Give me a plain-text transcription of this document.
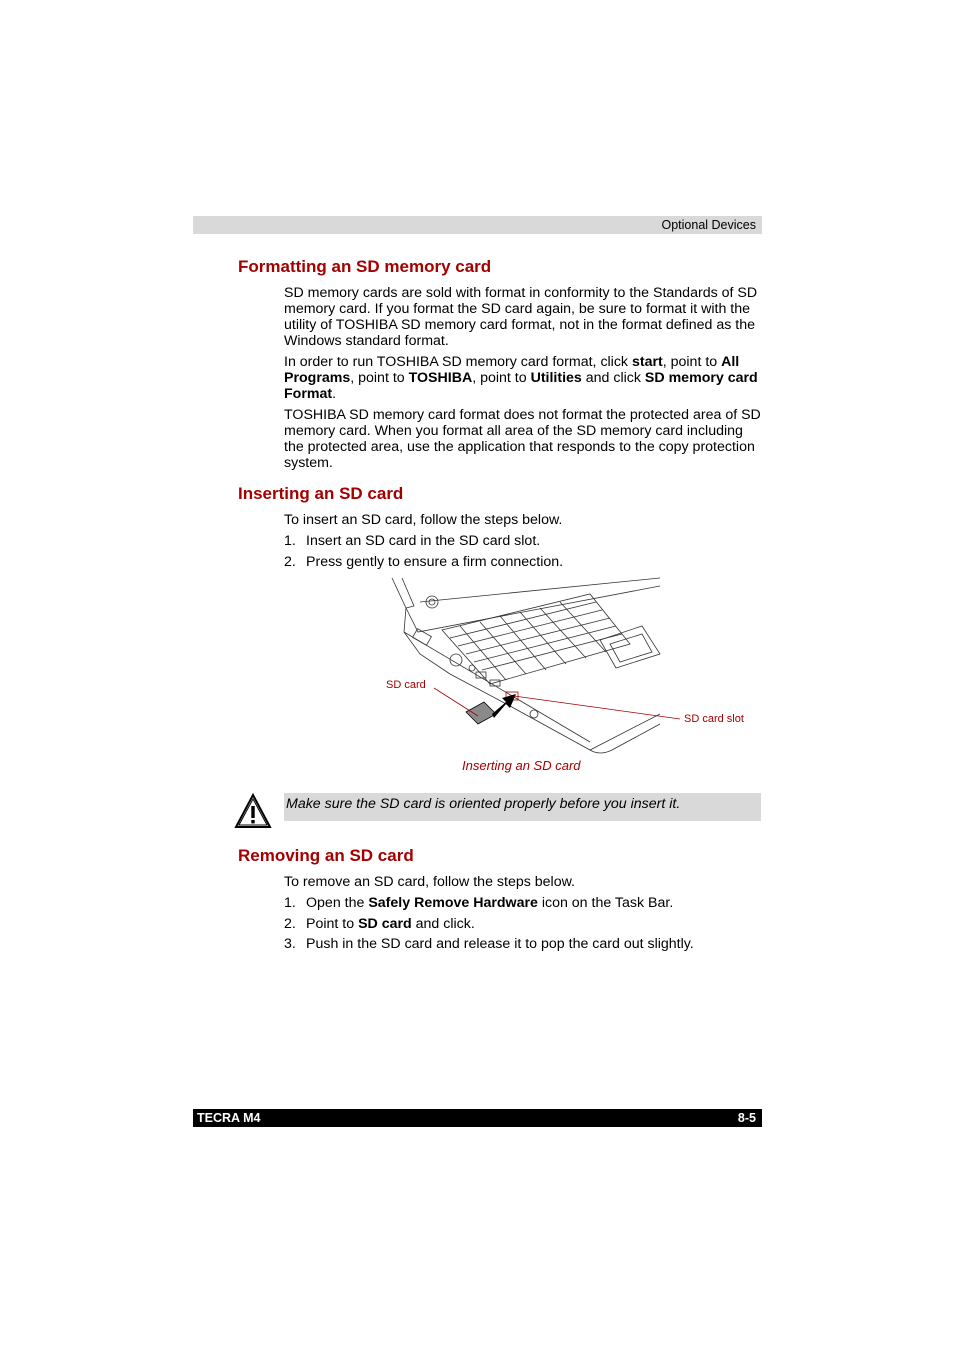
Optional Devices
Formatting an SD memory card

SD memory cards are sold with format in conformity to the Standards of SD memory card. If you format the SD card again, be sure to format it with the utility of TOSHIBA SD memory card format, not in the format defined as the Windows standard format.

In order to run TOSHIBA SD memory card format, click start, point to All Programs, point to TOSHIBA, point to Utilities and click SD memory card Format.

TOSHIBA SD memory card format does not format the protected area of SD memory card. When you format all area of the SD memory card including the protected area, use the application that responds to the copy protection system.

Inserting an SD card

To insert an SD card, follow the steps below.

1. Insert an SD card in the SD card slot.

2. Press gently to ensure a firm connection.

SD card
SD card slot
Inserting an SD card
Make sure the SD card is oriented properly before you insert it.
Removing an SD card

To remove an SD card, follow the steps below.

1. Open the Safely Remove Hardware icon on the Task Bar.

2. Point to SD card and click.

3. Push in the SD card and release it to pop the card out slightly.

TECRA M4	8-5
